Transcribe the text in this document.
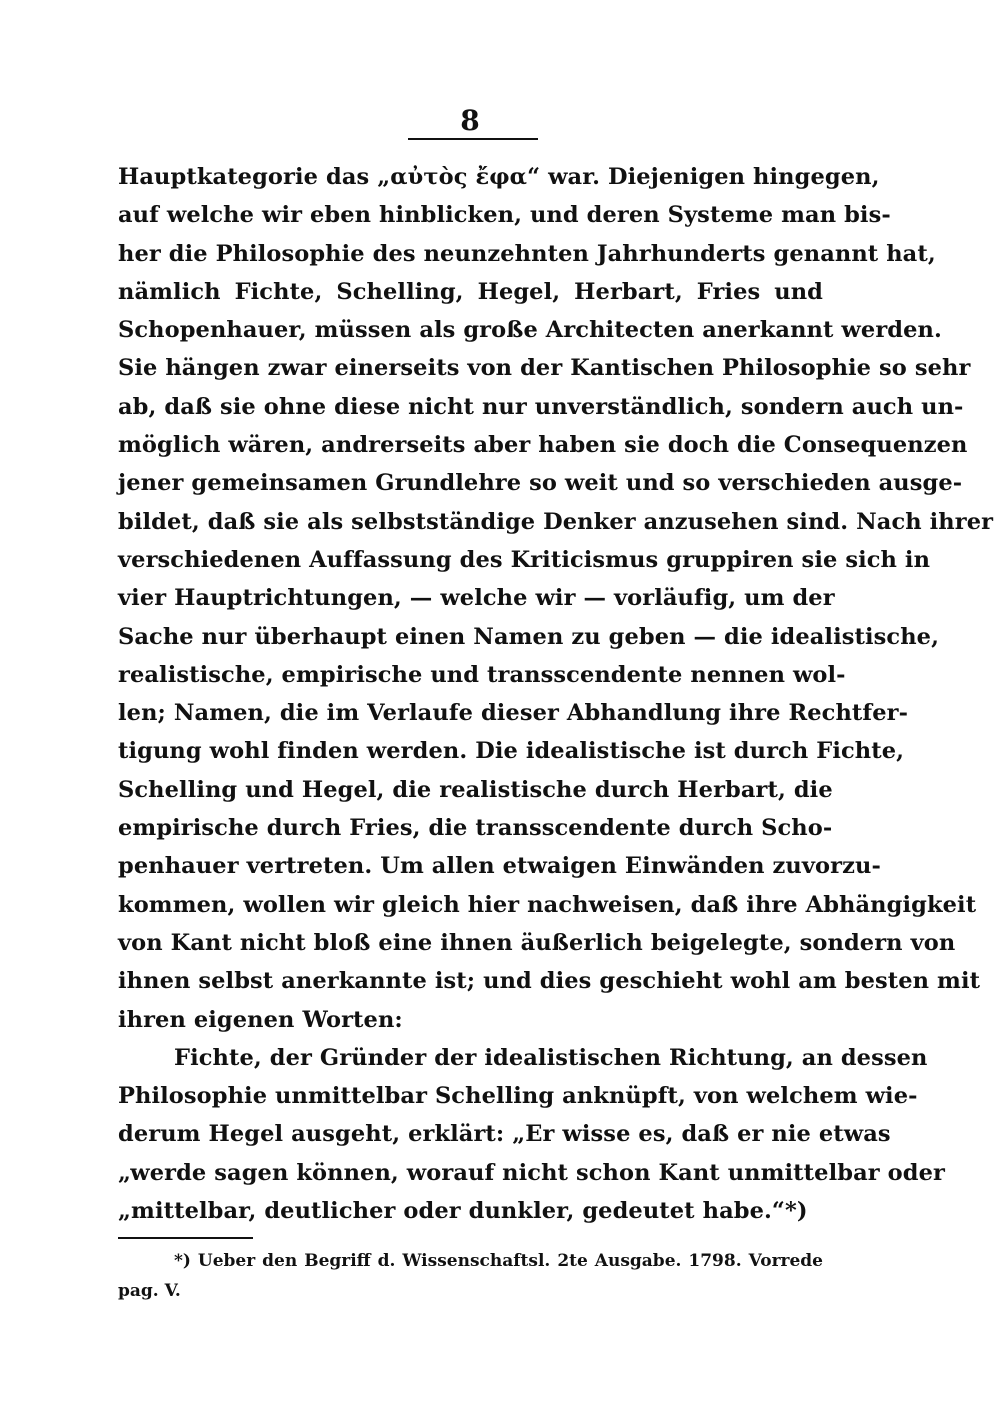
8
Hauptkategorie das „αὐτὸς ἔφα“ war. Diejenigen hingegen,
auf welche wir eben hinblicken, und deren Systeme man bis-
her die Philosophie des neunzehnten Jahrhunderts genannt hat,
nämlich Fichte, Schelling, Hegel, Herbart, Fries und
Schopenhauer, müssen als große Architecten anerkannt werden.
Sie hängen zwar einerseits von der Kantischen Philosophie so sehr
ab, daß sie ohne diese nicht nur unverständlich, sondern auch un-
möglich wären, andrerseits aber haben sie doch die Consequenzen
jener gemeinsamen Grundlehre so weit und so verschieden ausge-
bildet, daß sie als selbstständige Denker anzusehen sind. Nach ihrer
verschiedenen Auffassung des Kriticismus gruppiren sie sich in
vier Hauptrichtungen, — welche wir — vorläufig, um der
Sache nur überhaupt einen Namen zu geben — die idealistische,
realistische, empirische und transscendente nennen wol-
len; Namen, die im Verlaufe dieser Abhandlung ihre Rechtfer-
tigung wohl finden werden. Die idealistische ist durch Fichte,
Schelling und Hegel, die realistische durch Herbart, die
empirische durch Fries, die transscendente durch Scho-
penhauer vertreten. Um allen etwaigen Einwänden zuvorzu-
kommen, wollen wir gleich hier nachweisen, daß ihre Abhängigkeit
von Kant nicht bloß eine ihnen äußerlich beigelegte, sondern von
ihnen selbst anerkannte ist; und dies geschieht wohl am besten mit
ihren eigenen Worten:
Fichte, der Gründer der idealistischen Richtung, an dessen
Philosophie unmittelbar Schelling anknüpft, von welchem wie-
derum Hegel ausgeht, erklärt: „Er wisse es, daß er nie etwas
„werde sagen können, worauf nicht schon Kant unmittelbar oder
„mittelbar, deutlicher oder dunkler, gedeutet habe.“*)
*) Ueber den Begriff d. Wissenschaftsl. 2te Ausgabe. 1798. Vorrede
pag. V.
